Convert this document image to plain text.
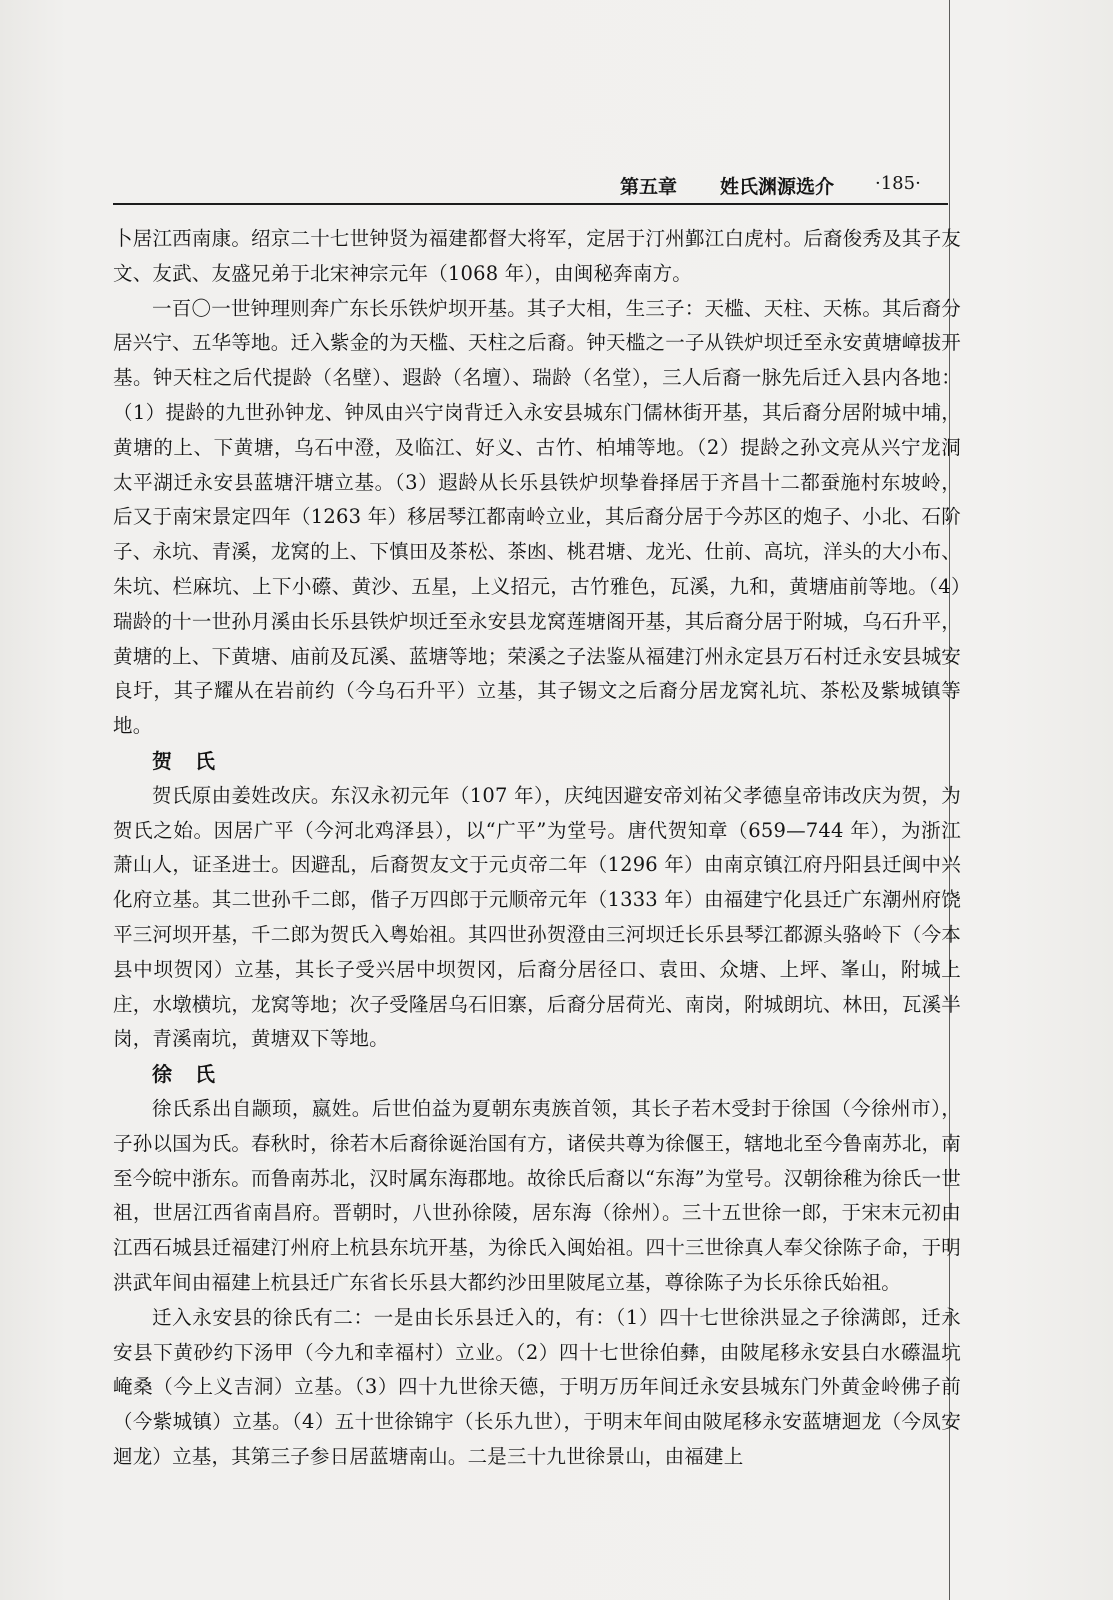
第五章 姓氏渊源选介 ·185·

卜居江西南康。绍京二十七世钟贤为福建都督大将军，定居于汀州鄞江白虎村。后裔俊秀及其子友文、友武、友盛兄弟于北宋神宗元年（1068 年），由闽秘奔南方。

一百〇一世钟理则奔广东长乐铁炉坝开基。其子大相，生三子：天槛、天柱、天栋。其后裔分居兴宁、五华等地。迁入紫金的为天槛、天柱之后裔。钟天槛之一子从铁炉坝迁至永安黄塘嶂拔开基。钟天柱之后代提龄（名壁）、遐龄（名壇）、瑞龄（名堂），三人后裔一脉先后迁入县内各地：（1）提龄的九世孙钟龙、钟凤由兴宁岗背迁入永安县城东门儒林街开基，其后裔分居附城中埔，黄塘的上、下黄塘，乌石中澄，及临江、好义、古竹、柏埔等地。（2）提龄之孙文亮从兴宁龙洞太平湖迁永安县蓝塘汗塘立基。（3）遐龄从长乐县铁炉坝挚眷择居于齐昌十二都蚕施村东坡岭，后又于南宋景定四年（1263 年）移居琴江都南岭立业，其后裔分居于今苏区的炮子、小北、石阶子、永坑、青溪，龙窝的上、下慎田及茶松、茶凼、桃君塘、龙光、仕前、高坑，洋头的大小布、朱坑、栏麻坑、上下小礤、黄沙、五星，上义招元，古竹雅色，瓦溪，九和，黄塘庙前等地。（4）瑞龄的十一世孙月溪由长乐县铁炉坝迁至永安县龙窝莲塘阁开基，其后裔分居于附城，乌石升平，黄塘的上、下黄塘、庙前及瓦溪、蓝塘等地；荣溪之子法鉴从福建汀州永定县万石村迁永安县城安良圩，其子耀从在岩前约（今乌石升平）立基，其子锡文之后裔分居龙窝礼坑、茶松及紫城镇等地。

贺 氏

贺氏原由姜姓改庆。东汉永初元年（107 年），庆纯因避安帝刘祐父孝德皇帝讳改庆为贺，为贺氏之始。因居广平（今河北鸡泽县），以“广平”为堂号。唐代贺知章（659—744 年），为浙江萧山人，证圣进士。因避乱，后裔贺友文于元贞帝二年（1296 年）由南京镇江府丹阳县迁闽中兴化府立基。其二世孙千二郎，偕子万四郎于元顺帝元年（1333 年）由福建宁化县迁广东潮州府饶平三河坝开基，千二郎为贺氏入粤始祖。其四世孙贺澄由三河坝迁长乐县琴江都源头骆岭下（今本县中坝贺冈）立基，其长子受兴居中坝贺冈，后裔分居径口、袁田、众塘、上坪、峯山，附城上庄，水墩横坑，龙窝等地；次子受隆居乌石旧寨，后裔分居荷光、南岗，附城朗坑、林田，瓦溪半岗，青溪南坑，黄塘双下等地。

徐 氏

徐氏系出自颛顼，嬴姓。后世伯益为夏朝东夷族首领，其长子若木受封于徐国（今徐州市），子孙以国为氏。春秋时，徐若木后裔徐诞治国有方，诸侯共尊为徐偃王，辖地北至今鲁南苏北，南至今皖中浙东。而鲁南苏北，汉时属东海郡地。故徐氏后裔以“东海”为堂号。汉朝徐稚为徐氏一世祖，世居江西省南昌府。晋朝时，八世孙徐陵，居东海（徐州）。三十五世徐一郎，于宋末元初由江西石城县迁福建汀州府上杭县东坑开基，为徐氏入闽始祖。四十三世徐真人奉父徐陈子命，于明洪武年间由福建上杭县迁广东省长乐县大都约沙田里陂尾立基，尊徐陈子为长乐徐氏始祖。

迁入永安县的徐氏有二：一是由长乐县迁入的，有：（1）四十七世徐洪显之子徐满郎，迁永安县下黄砂约下汤甲（今九和幸福村）立业。（2）四十七世徐伯彝，由陂尾移永安县白水礤温坑崦桑（今上义吉洞）立基。（3）四十九世徐天德，于明万历年间迁永安县城东门外黄金岭佛子前（今紫城镇）立基。（4）五十世徐锦宇（长乐九世），于明末年间由陂尾移永安蓝塘迴龙（今凤安迴龙）立基，其第三子参日居蓝塘南山。二是三十九世徐景山，由福建上
